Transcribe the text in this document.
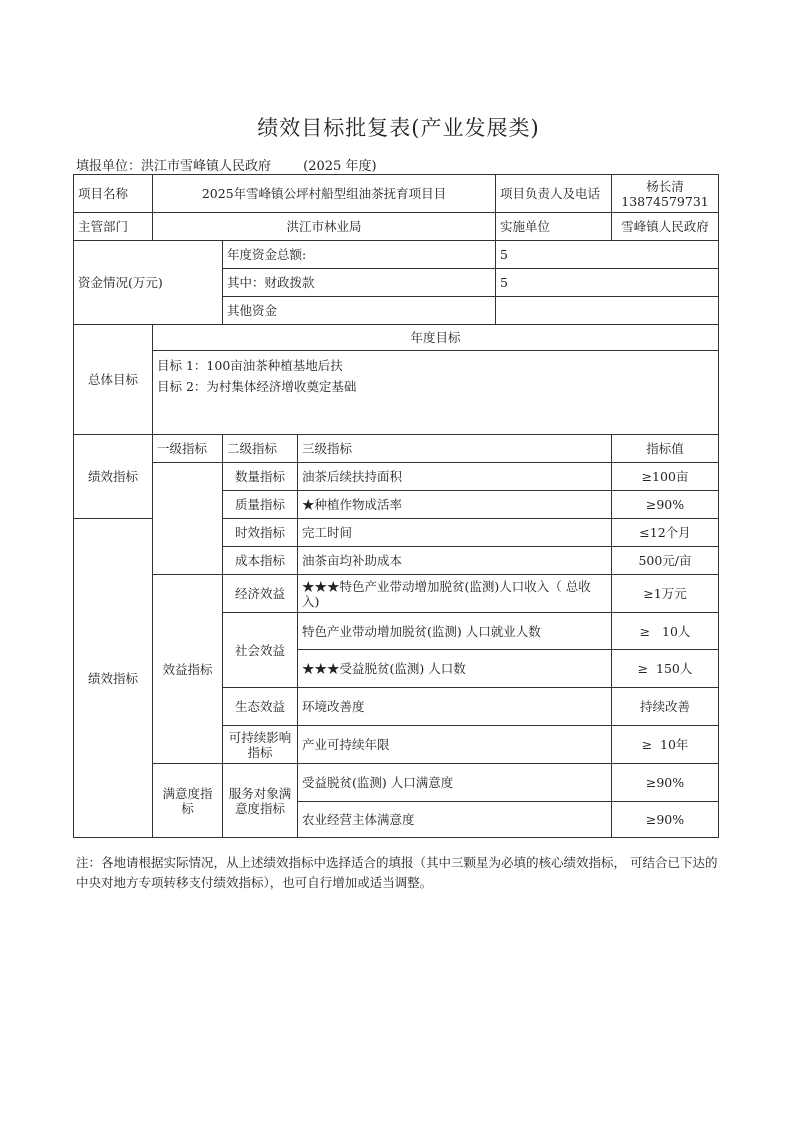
绩效目标批复表(产业发展类)
填报单位：洪江市雪峰镇人民政府 (2025 年度)
项目名称	2025年雪峰镇公坪村船型组油茶抚育项目目			项目负责人及电话	杨长清
13874579731

主管部门	洪江市林业局			实施单位	雪峰镇人民政府
资金情况(万元)		年度资金总额:		5	
		其中：财政拨款		5	
		其他资金			
总体目标	年度目标				

	目标 1：100亩油茶种植基地后扶
目标 2：为村集体经济增收奠定基础				

绩效指标	一级指标	二级指标	三级指标		指标值
		数量指标	油茶后续扶持面积		≥100亩
		质量指标	★种植作物成活率		≥90%
绩效指标		时效指标	完工时间		≤12个月
		成本指标	油茶亩均补助成本		500元/亩
	效益指标	经济效益	★★★特色产业带动增加脱贫(监测)人口收入（ 总收入)		≥1万元
		社会效益	特色产业带动增加脱贫(监测) 人口就业人数		≥   10人
			★★★受益脱贫(监测) 人口数		≥  150人
		生态效益	环境改善度		持续改善
		可持续影响指标	产业可持续年限		≥  10年
	满意度指标	服务对象满意度指标	受益脱贫(监测) 人口满意度		≥90%
			农业经营主体满意度		≥90%
注：各地请根据实际情况，从上述绩效指标中选择适合的填报（其中三颗星为必填的核心绩效指标， 可结合已下达的中央对地方专项转移支付绩效指标），也可自行增加或适当调整。
